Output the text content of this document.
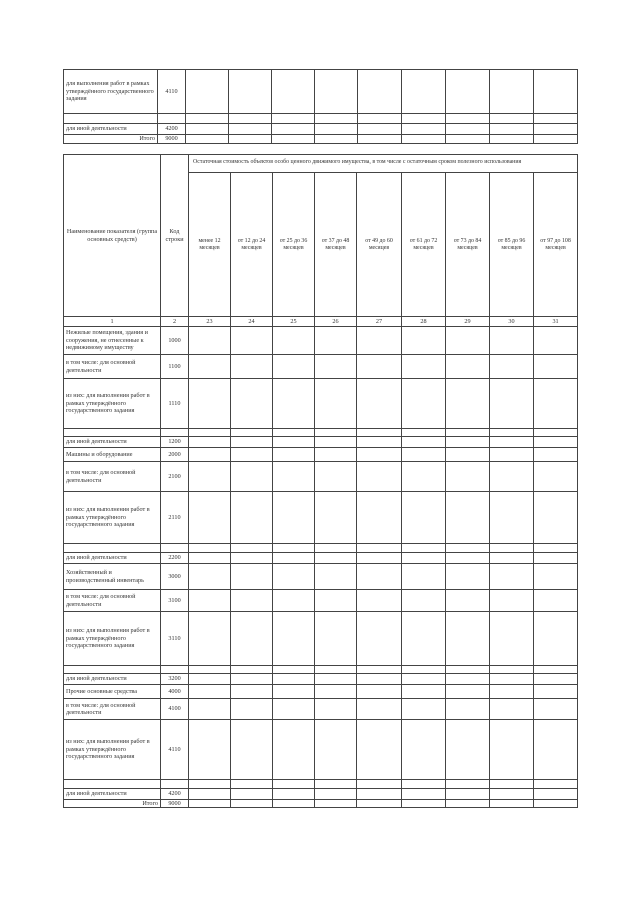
для выполнения работ в рамках утверждённого государственного задания	4110									

для иной деятельности	4200									
Итого	9000									
Наименование показателя (группа основных средств)	Код строки	Остаточная стоимость объектов особо ценного движимого имущества, в том числе с остаточным сроком полезного использования								
		менее 12 месяцев	от 12 до 24 месяцев	от 25 до 36 месяцев	от 37 до 48 месяцев	от 49 до 60 месяцев	от 61 до 72 месяцев	от 73 до 84 месяцев	от 85 до 96 месяцев	от 97 до 108 месяцев
1	2	23	24	25	26	27	28	29	30	31
Нежилые помещения, здания и сооружения, не отнесенные к недвижимому имуществу	1000									
в том числе: для основной деятельности	1100									
из них: для выполнения работ в рамках утверждённого государственного задания	1110									

для иной деятельности	1200									
Машины и оборудование	2000									
в том числе: для основной деятельности	2100									
из них: для выполнения работ в рамках утверждённого государственного задания	2110									

для иной деятельности	2200									
Хозяйственный и производственный инвентарь	3000									
в том числе: для основной деятельности	3100									
из них: для выполнения работ в рамках утверждённого государственного задания	3110									

для иной деятельности	3200									
Прочие основные средства	4000									
в том числе: для основной деятельности	4100									
из них: для выполнения работ в рамках утверждённого государственного задания	4110									

для иной деятельности	4200									
Итого	9000									
